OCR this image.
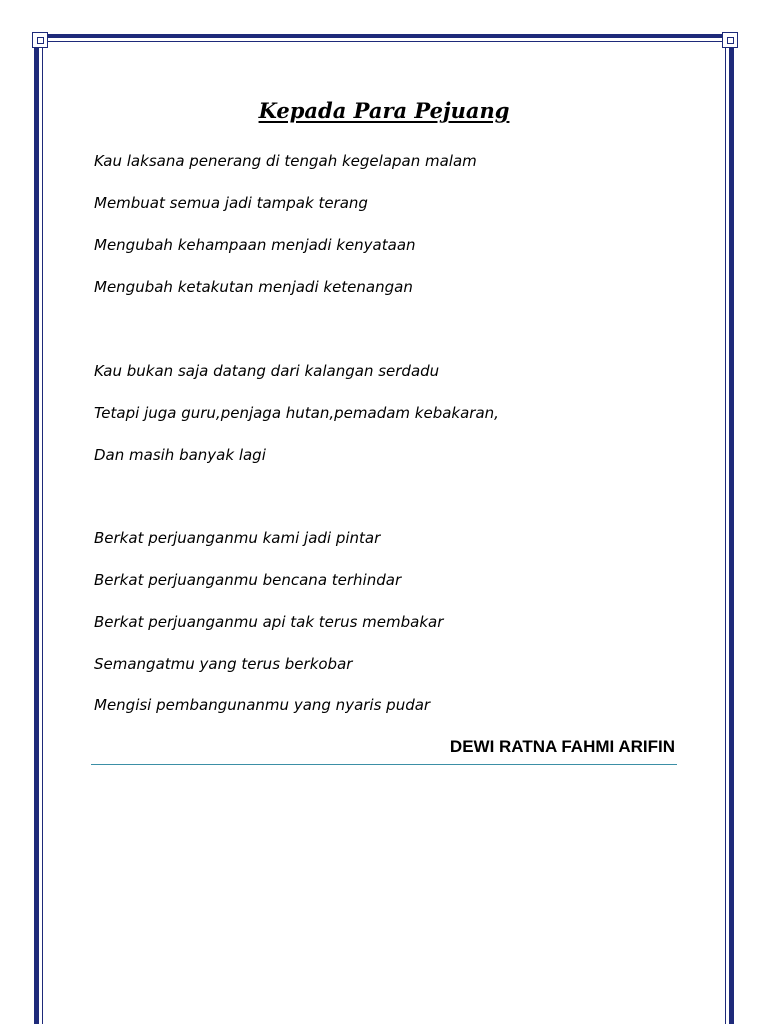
Kepada Para Pejuang

Kau laksana penerang di tengah kegelapan malam

Membuat semua jadi tampak terang

Mengubah kehampaan menjadi kenyataan

Mengubah ketakutan menjadi ketenangan

Kau bukan saja datang dari kalangan serdadu

Tetapi juga guru,penjaga hutan,pemadam kebakaran,

Dan masih banyak lagi

Berkat perjuanganmu kami jadi pintar

Berkat perjuanganmu bencana terhindar

Berkat perjuanganmu api tak terus membakar

Semangatmu yang terus berkobar

Mengisi pembangunanmu yang nyaris pudar

DEWI RATNA FAHMI ARIFIN
